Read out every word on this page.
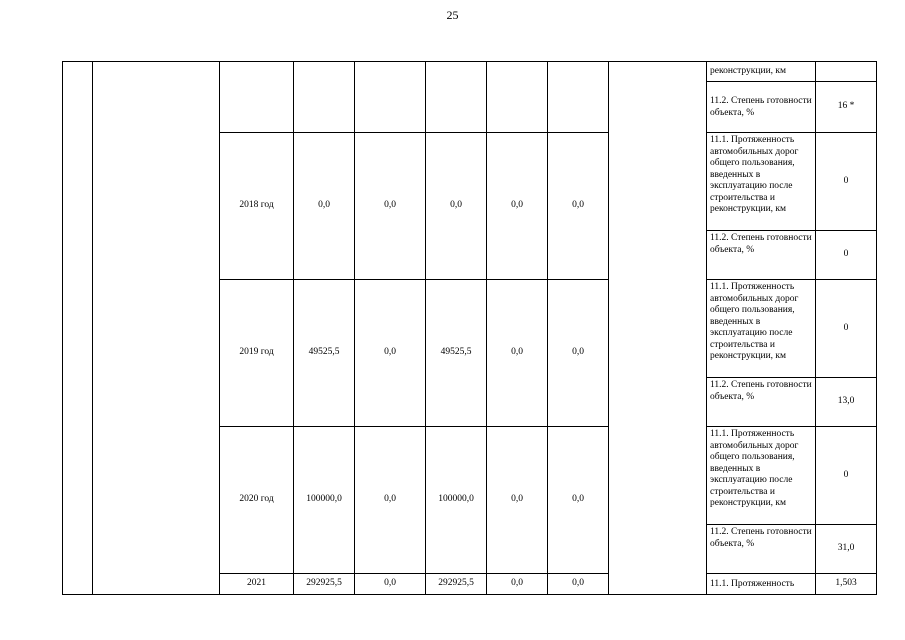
25
									реконструкции, км	
									11.2. Степень готовности объекта, %	16 *
		2018 год	0,0	0,0	0,0	0,0	0,0		11.1. Протяженность автомобильных дорог общего пользования, введенных в эксплуатацию после строительства и реконструкции, км	0
									11.2. Степень готовности объекта, %	0
		2019 год	49525,5	0,0	49525,5	0,0	0,0		11.1. Протяженность автомобильных дорог общего пользования, введенных в эксплуатацию после строительства и реконструкции, км	0
									11.2. Степень готовности объекта, %	13,0
		2020 год	100000,0	0,0	100000,0	0,0	0,0		11.1. Протяженность автомобильных дорог общего пользования, введенных в эксплуатацию после строительства и реконструкции, км	0
									11.2. Степень готовности объекта, %	31,0
		2021	292925,5	0,0	292925,5	0,0	0,0		11.1. Протяженность	1,503
